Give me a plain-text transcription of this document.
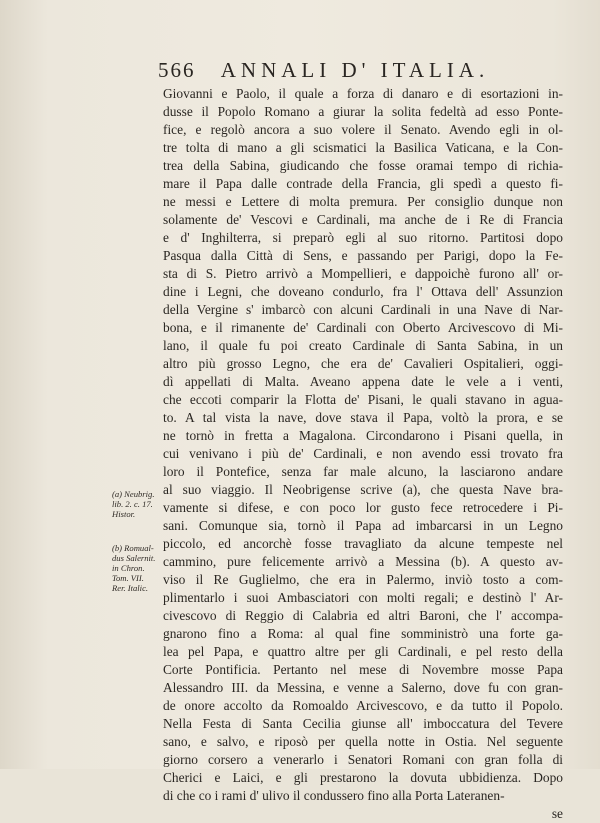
566 ANNALI D' ITALIA.
Giovanni e Paolo, il quale a forza di danaro e di esortazioni in-
dusse il Popolo Romano a giurar la solita fedeltà ad esso Ponte-
fice, e regolò ancora a suo volere il Senato. Avendo egli in ol-
tre tolta di mano a gli scismatici la Basilica Vaticana, e la Con-
trea della Sabina, giudicando che fosse oramai tempo di richia-
mare il Papa dalle contrade della Francia, gli spedì a questo fi-
ne messi e Lettere di molta premura. Per consiglio dunque non
solamente de' Vescovi e Cardinali, ma anche de i Re di Francia
e d' Inghilterra, si preparò egli al suo ritorno. Partitosi dopo
Pasqua dalla Città di Sens, e passando per Parigi, dopo la Fe-
sta di S. Pietro arrivò a Mompellieri, e dappoichè furono all' or-
dine i Legni, che doveano condurlo, fra l' Ottava dell' Assunzion
della Vergine s' imbarcò con alcuni Cardinali in una Nave di Nar-
bona, e il rimanente de' Cardinali con Oberto Arcivescovo di Mi-
lano, il quale fu poi creato Cardinale di Santa Sabina, in un
altro più grosso Legno, che era de' Cavalieri Ospitalieri, oggi-
dì appellati di Malta. Aveano appena date le vele a i venti,
che eccoti comparir la Flotta de' Pisani, le quali stavano in agua-
to. A tal vista la nave, dove stava il Papa, voltò la prora, e se
ne tornò in fretta a Magalona. Circondarono i Pisani quella, in
cui venivano i più de' Cardinali, e non avendo essi trovato fra
loro il Pontefice, senza far male alcuno, la lasciarono andare
al suo viaggio. Il Neobrigense scrive (a), che questa Nave bra-
vamente si difese, e con poco lor gusto fece retrocedere i Pi-
sani. Comunque sia, tornò il Papa ad imbarcarsi in un Legno
piccolo, ed ancorchè fosse travagliato da alcune tempeste nel
cammino, pure felicemente arrivò a Messina (b). A questo av-
viso il Re Guglielmo, che era in Palermo, inviò tosto a com-
plimentarlo i suoi Ambasciatori con molti regali; e destinò l' Ar-
civescovo di Reggio di Calabria ed altri Baroni, che l' accompa-
gnarono fino a Roma: al qual fine somministrò una forte ga-
lea pel Papa, e quattro altre per gli Cardinali, e pel resto della
Corte Pontificia. Pertanto nel mese di Novembre mosse Papa
Alessandro III. da Messina, e venne a Salerno, dove fu con gran-
de onore accolto da Romoaldo Arcivescovo, e da tutto il Popolo.
Nella Festa di Santa Cecilia giunse all' imboccatura del Tevere
sano, e salvo, e riposò per quella notte in Ostia. Nel seguente
giorno corsero a venerarlo i Senatori Romani con gran folla di
Cherici e Laici, e gli prestarono la dovuta ubbidienza. Dopo
di che co i rami d' ulivo il condussero fino alla Porta Lateranen-
se
(a) Neubrig.
lib. 2. c. 17.
Histor.
(b) Romual-
dus Salernit.
in Chron.
Tom. VII.
Rer. Italic.
